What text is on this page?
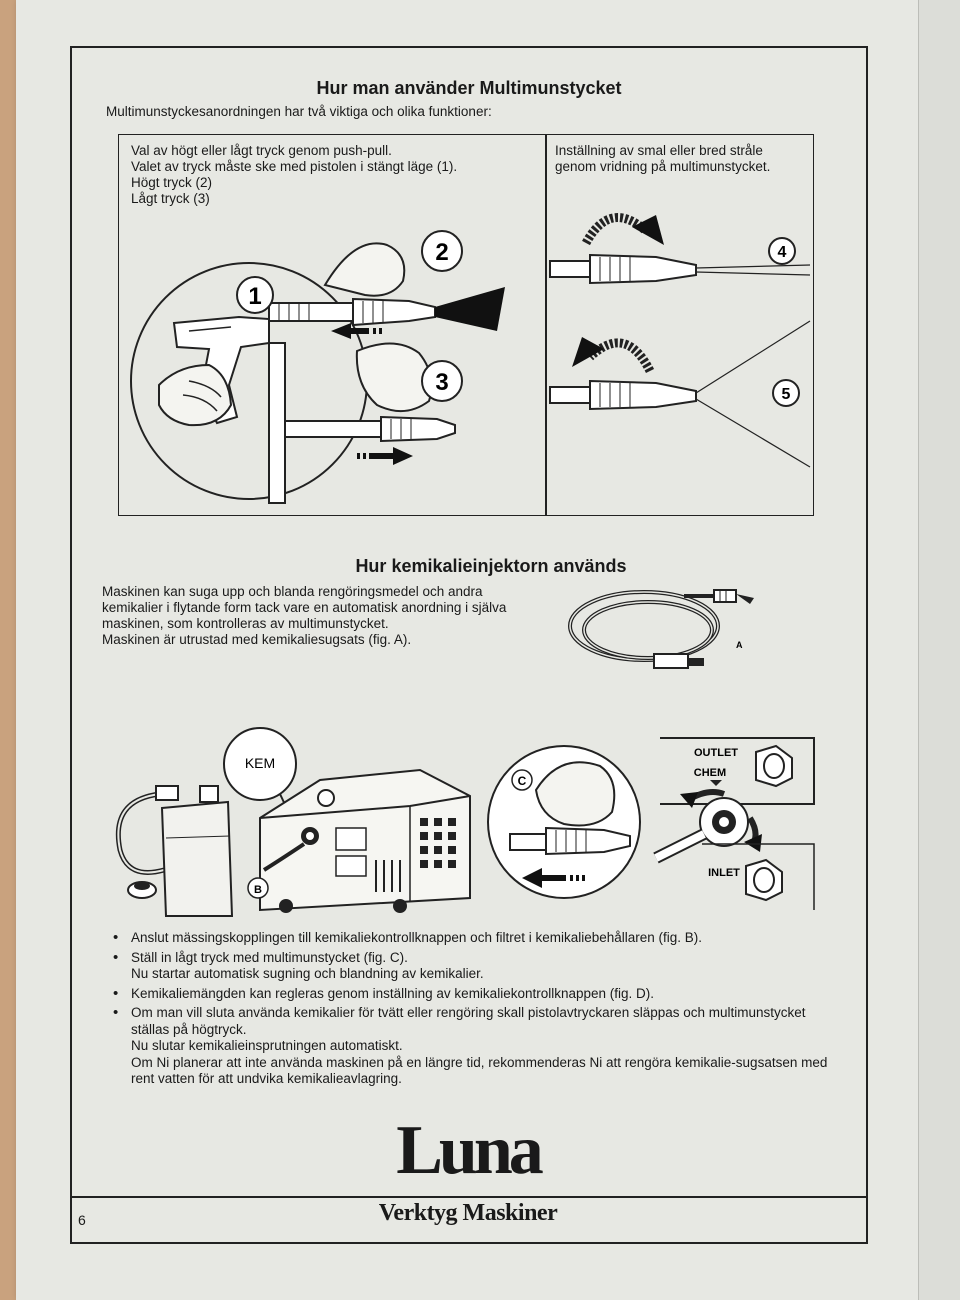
Hur man använder Multimunstycket

Multimunstyckesanordningen har två viktiga och olika funktioner:

Val av högt eller lågt tryck genom push-pull.
Valet av tryck måste ske med pistolen i stängt läge (1).
Högt tryck (2)
Lågt tryck (3)
Inställning av smal eller bred stråle
genom vridning på multimunstycket.
1
2
3
4
5
Hur kemikalieinjektorn används

Maskinen kan suga upp och blanda rengöringsmedel och andra kemikalier i flytande form tack vare en automatisk anordning i själva maskinen, som kontrolleras av multimunstycket.
Maskinen är utrustad med kemikaliesugsats (fig. A).	A
KEM
B
C
OUTLET
CHEM
INLET
• Anslut mässingskopplingen till kemikaliekontrollknappen och filtret i kemikaliebehållaren (fig. B).
• Ställ in lågt tryck med multimunstycket (fig. C).
Nu startar automatisk sugning och blandning av kemikalier.
• Kemikaliemängden kan regleras genom inställning av kemikaliekontrollknappen (fig. D).
• Om man vill sluta använda kemikalier för tvätt eller rengöring skall pistolavtryckaren släppas och multimunstycket ställas på högtryck.
Nu slutar kemikalieinsprutningen automatiskt.
Om Ni planerar att inte använda maskinen på en längre tid, rekommenderas Ni att rengöra kemikalie-sugsatsen med rent vatten för att undvika kemikalieavlagring.
Luna
Verktyg Maskiner
6
